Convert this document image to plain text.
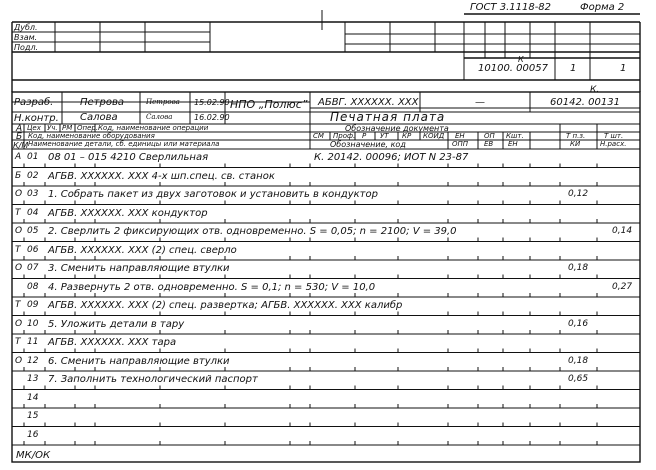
ГОСТ 3.1118-82	Форма 2
Дубл.
Взам.
Подл.
К
10100. 00057 1	1
Разраб.	Петрова	Петрова 15.02.90
Н.контр. Салова	Салова	16.02.90
НПО „Полюс” АБВГ. XXXXXX. XXX	—
К.
60142. 00131
Печатная плата
А
Б
К/М
Цех Уч. РМ Опер. Код, наименование операции	Обозначение документа
Код, наименование оборудования	СМ Проф. Р УТ КР КОИД ЕН	ОП Кшт.	Т п.з.	Т шт.
Наименование детали, сб. единицы или материала	Обозначение, код	ОПП ЕВ ЕН	КИ	Н.расх.
А 01 08 01 – 015 4210 Сверлильная	К. 20142. 00096; ИОТ N 23-87
Б 02 АГБВ. XXXXXX. XXX 4-х шп.спец. св. станок
О 03 1. Собрать пакет из двух заготовок и установить в кондуктор	0,12
Т 04 АГБВ. XXXXXX. XXX кондуктор
О 05 2. Сверлить 2 фиксирующих отв. одновременно. S = 0,05; n = 2100; V = 39,0	0,14
Т 06 АГБВ. XXXXXX. XXX (2) спец. сверло
О 07 3. Сменить направляющие втулки	0,18
08 4. Развернуть 2 отв. одновременно. S = 0,1; n = 530; V = 10,0	0,27
Т 09 АГБВ. XXXXXX. XXX (2) спец. развертка; АГБВ. XXXXXX. XXX калибр
О 10 5. Уложить детали в тару	0,16
Т 11 АГБВ. XXXXXX. XXX тара
О 12 6. Сменить направляющие втулки	0,18
13 7. Заполнить технологический паспорт	0,65
14
15
16
МК/ОК
